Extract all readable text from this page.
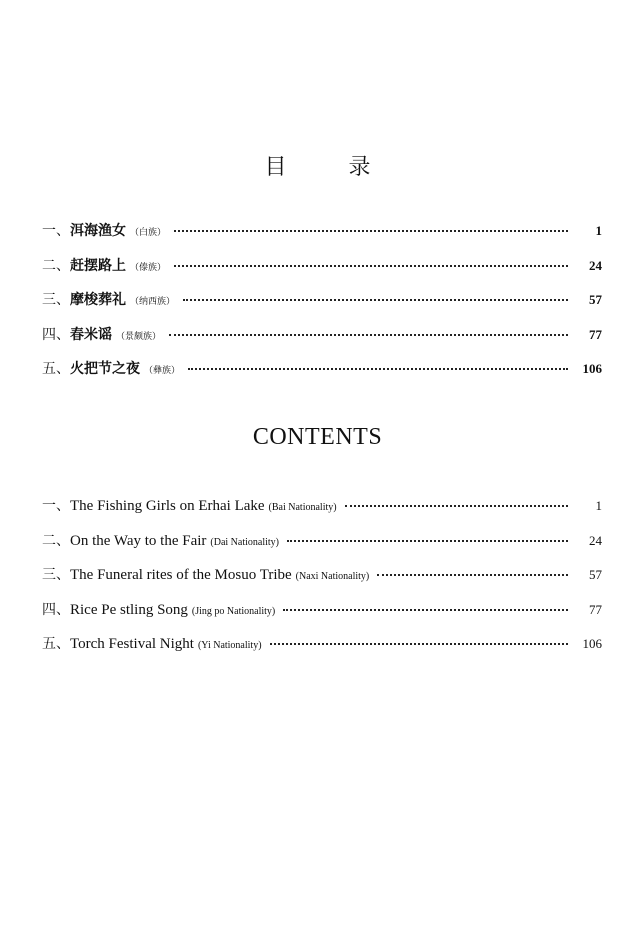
目录
一、 洱海渔女 （白族）	1
二、 赶摆路上 （傣族）	24
三、 摩梭葬礼 （纳西族）	57
四、 春米谣 （景颇族）	77
五、 火把节之夜 （彝族）	106
CONTENTS
一、 The Fishing Girls on Erhai Lake (Bai Nationality)	1
二、 On the Way to the Fair (Dai Nationality)	24
三、 The Funeral rites of the Mosuo Tribe (Naxi Nationality)	57
四、 Rice Pe stling Song (Jing po Nationality)	77
五、 Torch Festival Night (Yi Nationality)	106
